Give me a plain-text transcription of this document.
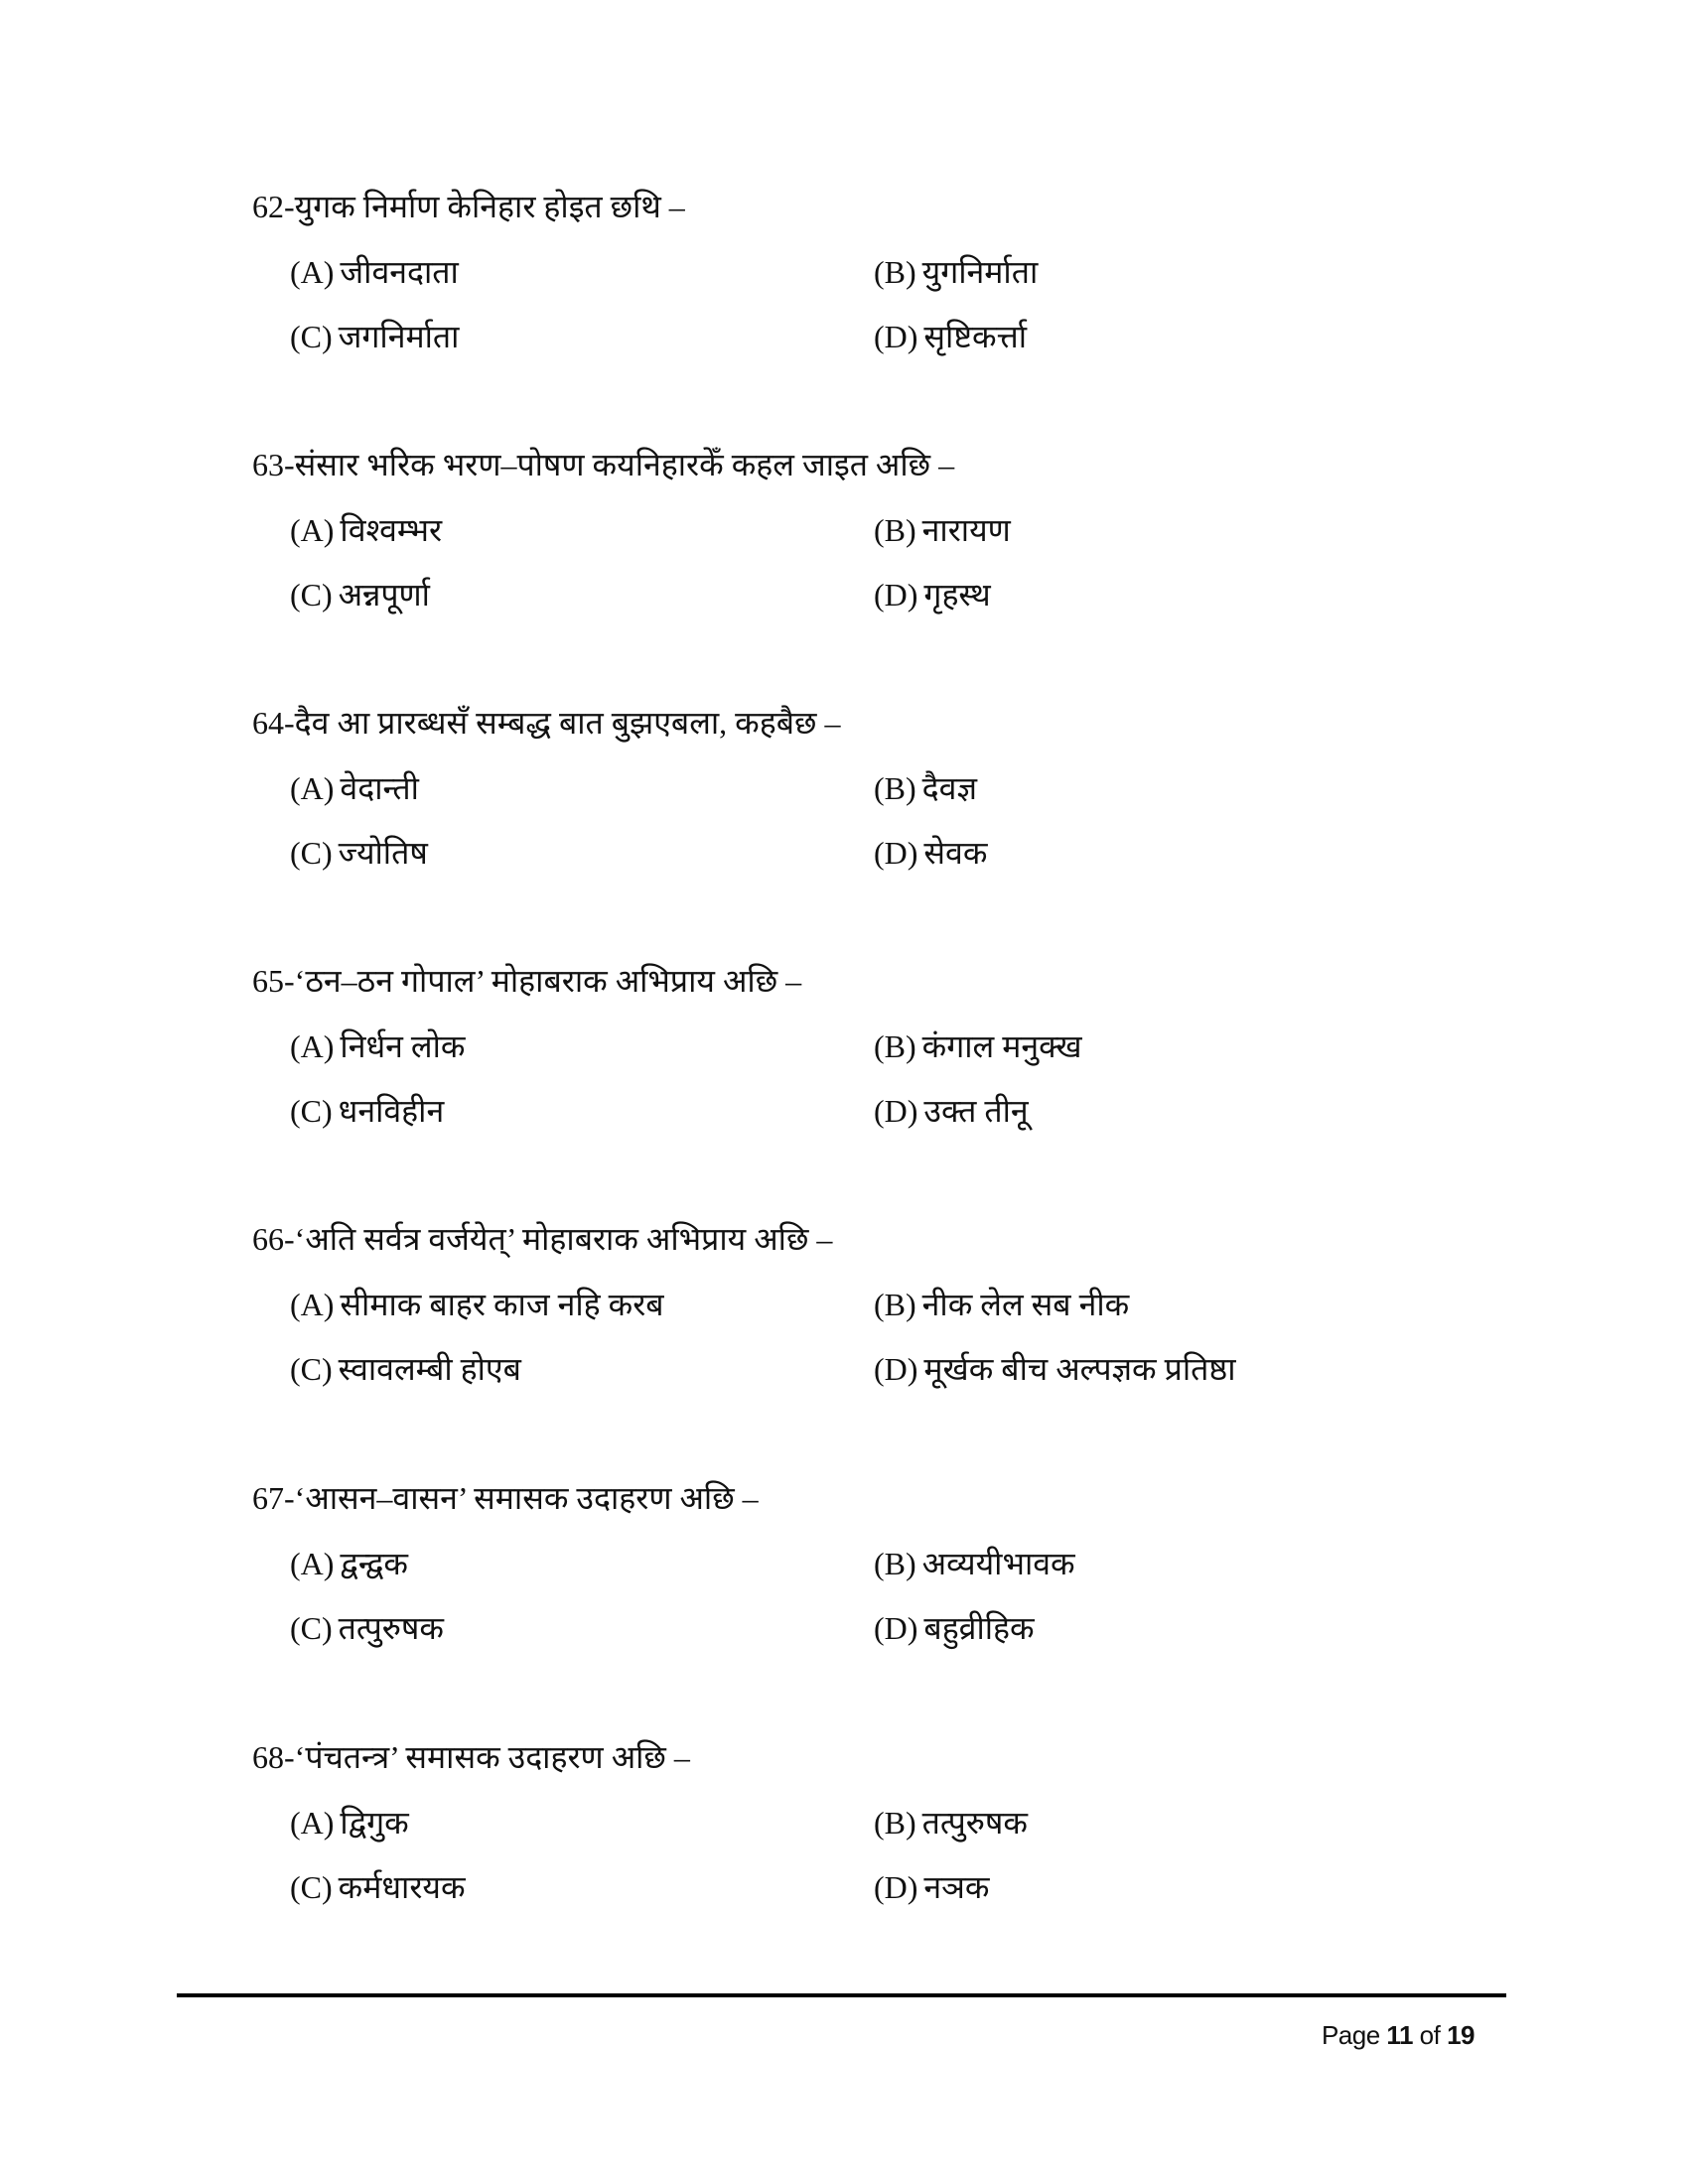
62-युगक निर्माण केनिहार होइत छथि –
(A) जीवनदाता	(B) युगनिर्माता
(C) जगनिर्माता	(D) सृष्टिकर्त्ता
63-संसार भरिक भरण–पोषण कयनिहारकेँ कहल जाइत अछि –
(A) विश्वम्भर	(B) नारायण
(C) अन्नपूर्णा	(D) गृहस्थ
64-दैव आ प्रारब्धसँ सम्बद्ध बात बुझएबला, कहबैछ –
(A) वेदान्ती	(B) दैवज्ञ
(C) ज्योतिष	(D) सेवक
65-‘ठन–ठन गोपाल’ मोहाबराक अभिप्राय अछि –
(A) निर्धन लोक	(B) कंगाल मनुक्ख
(C) धनविहीन	(D) उक्त तीनू
66-‘अति सर्वत्र वर्जयेत्’ मोहाबराक अभिप्राय अछि –
(A) सीमाक बाहर काज नहि करब	(B) नीक लेल सब नीक
(C) स्वावलम्बी होएब	(D) मूर्खक बीच अल्पज्ञक प्रतिष्ठा
67-‘आसन–वासन’ समासक उदाहरण अछि –
(A) द्वन्द्वक	(B) अव्ययीभावक
(C) तत्पुरुषक	(D) बहुव्रीहिक
68-‘पंचतन्त्र’ समासक उदाहरण अछि –
(A) द्विगुक	(B) तत्पुरुषक
(C) कर्मधारयक	(D) नञक
Page 11 of 19
